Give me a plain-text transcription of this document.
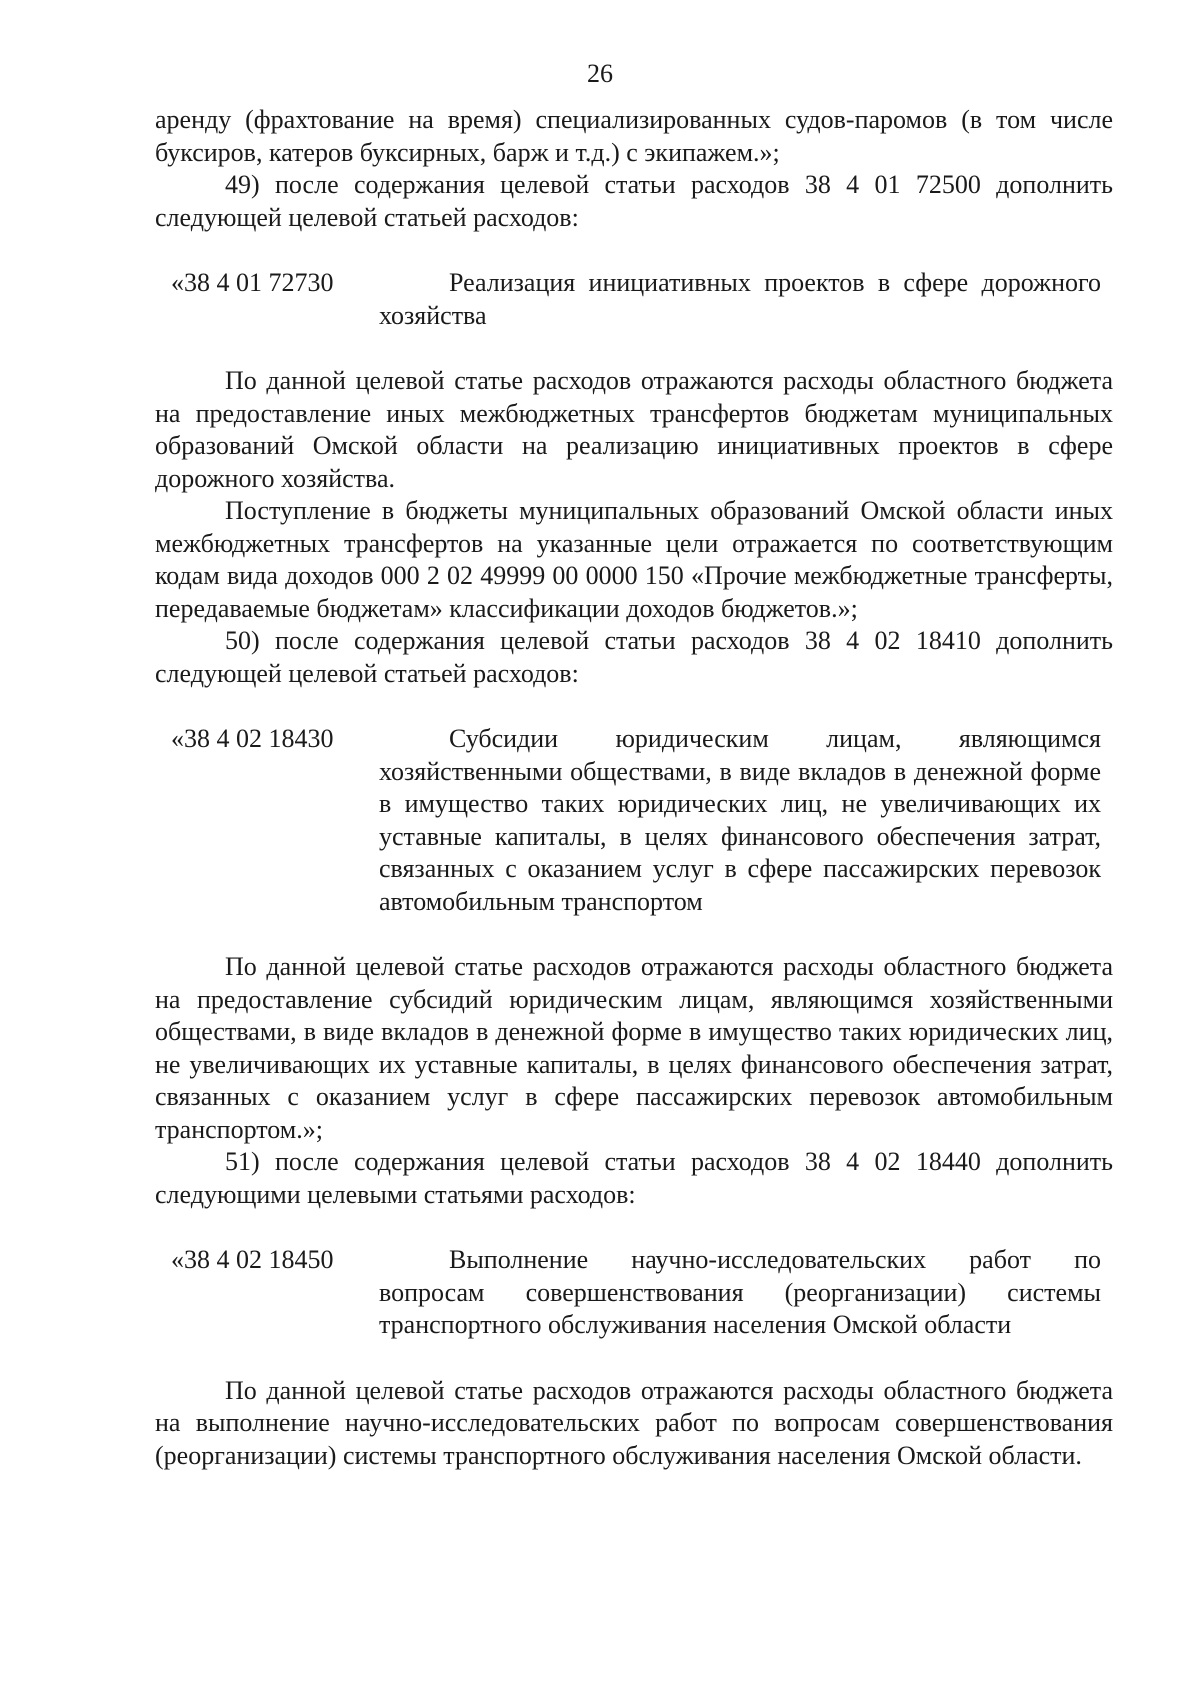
26

аренду (фрахтование на время) специализированных судов-паромов (в том числе буксиров, катеров буксирных, барж и т.д.) с экипажем.»;

49) после содержания целевой статьи расходов 38 4 01 72500 дополнить следующей целевой статьей расходов:

«38 4 01 72730	Реализация инициативных проектов в сфере дорожного хозяйства

По данной целевой статье расходов отражаются расходы областного бюджета на предоставление иных межбюджетных трансфертов бюджетам муниципальных образований Омской области на реализацию инициативных проектов в сфере дорожного хозяйства.

Поступление в бюджеты муниципальных образований Омской области иных межбюджетных трансфертов на указанные цели отражается по соответствующим кодам вида доходов 000 2 02 49999 00 0000 150 «Прочие межбюджетные трансферты, передаваемые бюджетам» классификации доходов бюджетов.»;

50) после содержания целевой статьи расходов 38 4 02 18410 дополнить следующей целевой статьей расходов:

«38 4 02 18430	Субсидии юридическим лицам, являющимся хозяйственными обществами, в виде вкладов в денежной форме в имущество таких юридических лиц, не увеличивающих их уставные капиталы, в целях финансового обеспечения затрат, связанных с оказанием услуг в сфере пассажирских перевозок автомобильным транспортом

По данной целевой статье расходов отражаются расходы областного бюджета на предоставление субсидий юридическим лицам, являющимся хозяйственными обществами, в виде вкладов в денежной форме в имущество таких юридических лиц, не увеличивающих их уставные капиталы, в целях финансового обеспечения затрат, связанных с оказанием услуг в сфере пассажирских перевозок автомобильным транспортом.»;

51) после содержания целевой статьи расходов 38 4 02 18440 дополнить следующими целевыми статьями расходов:

«38 4 02 18450	Выполнение научно-исследовательских работ по вопросам совершенствования (реорганизации) системы транспортного обслуживания населения Омской области

По данной целевой статье расходов отражаются расходы областного бюджета на выполнение научно-исследовательских работ по вопросам совершенствования (реорганизации) системы транспортного обслуживания населения Омской области.
